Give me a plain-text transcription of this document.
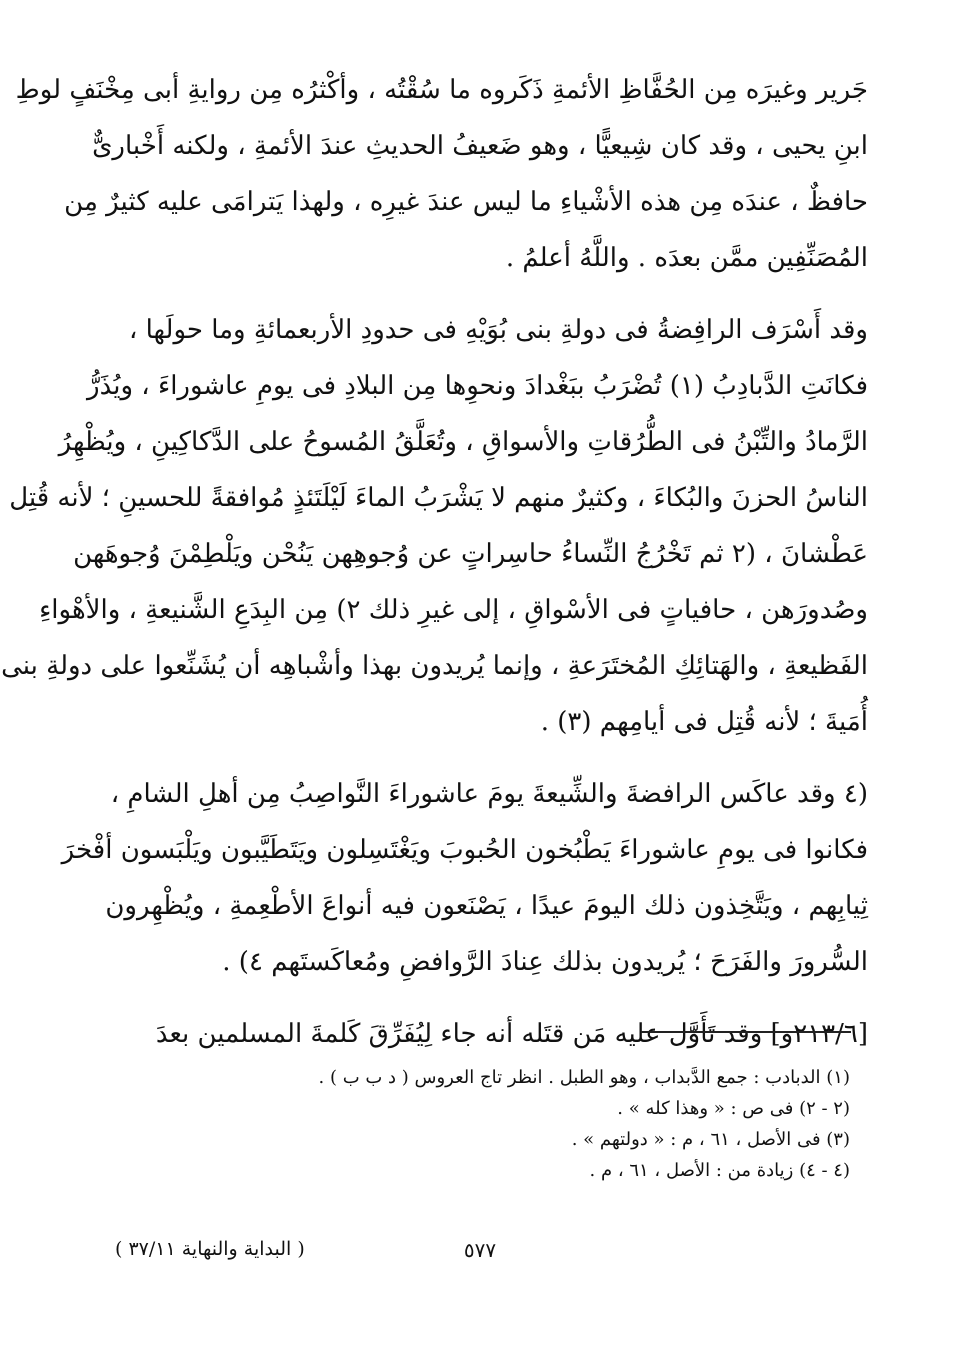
جَرير وغيرَه مِن الحُفَّاظِ الأئمةِ ذَكَروه ما سُقْتُه ، وأكْثرُه مِن روايةِ أبى مِخْنَفٍ لوطِ
ابنِ يحيى ، وقد كان شِيعيًّا ، وهو ضَعيفُ الحديثِ عندَ الأئمةِ ، ولكنه أَخْبارىٌّ
حافظٌ ، عندَه مِن هذه الأشْياءِ ما ليس عندَ غيرِه ، ولهذا يَترامَى عليه كثيرٌ مِن
المُصَنِّفِين ممَّن بعدَه . واللَّهُ أعلمُ .

وقد أَسْرَف الرافِضةُ فى دولةِ بنى بُوَيْهِ فى حدودِ الأربعمائةِ وما حولَها ،
فكانَتِ الدَّبادِبُ (١) تُضْرَبُ ببَغْدادَ ونحوِها مِن البلادِ فى يومِ عاشوراءَ ، ويُذَرُّ
الرَّمادُ والتِّبْنُ فى الطُّرُقاتِ والأسواقِ ، وتُعَلَّقُ المُسوحُ على الدَّكاكِينِ ، ويُظْهِرُ
الناسُ الحزنَ والبُكاءَ ، وكثيرٌ منهم لا يَشْرَبُ الماءَ لَيْلَتَئذٍ مُوافقةً للحسينِ ؛ لأنه قُتِل
عَطْشانَ ، (٢ ثم تَخْرُجُ النِّساءُ حاسِراتٍ عن وُجوهِهن يَنُحْن ويَلْطِمْنَ وُجوهَهن
وصُدورَهن ، حافياتٍ فى الأسْواقِ ، إلى غيرِ ذلك ٢) مِن البِدَعِ الشَّنيعةِ ، والأهْواءِ
الفَظيعةِ ، والهَتائِكِ المُختَرَعةِ ، وإنما يُريدون بهذا وأشْباهِه أن يُشَنِّعوا على دولةِ بنى
أُمَيةَ ؛ لأنه قُتِل فى أيامِهم (٣) .

(٤ وقد عاكَس الرافضةَ والشِّيعةَ يومَ عاشوراءَ النَّواصِبُ مِن أهلِ الشامِ ،
فكانوا فى يومِ عاشوراءَ يَطْبُخون الحُبوبَ ويَغْتَسِلون ويَتَطَيَّبون ويَلْبَسون أفْخرَ
ثِيابِهم ، ويَتَّخِذون ذلك اليومَ عيدًا ، يَصْنَعون فيه أنواعَ الأطْعِمةِ ، ويُظْهِرون
السُّرورَ والفَرَحَ ؛ يُريدون بذلك عِنادَ الرَّوافضِ ومُعاكَستَهم ٤) .

[٢١٣/٦و] وقد تَأَوَّل عليه مَن قتَله أنه جاء لِيُفَرِّقَ كَلمةَ المسلمين بعدَ

(١) الدبادب : جمع الدَّبداب ، وهو الطبل . انظر تاج العروس ( د ب ب ) .
(٢ - ٢) فى ص : « وهذا كله » .
(٣) فى الأصل ، ٦١ ، م : « دولتهم » .
(٤ - ٤) زيادة من : الأصل ، ٦١ ، م .
٥٧٧
( البداية والنهاية ٣٧/١١ )
